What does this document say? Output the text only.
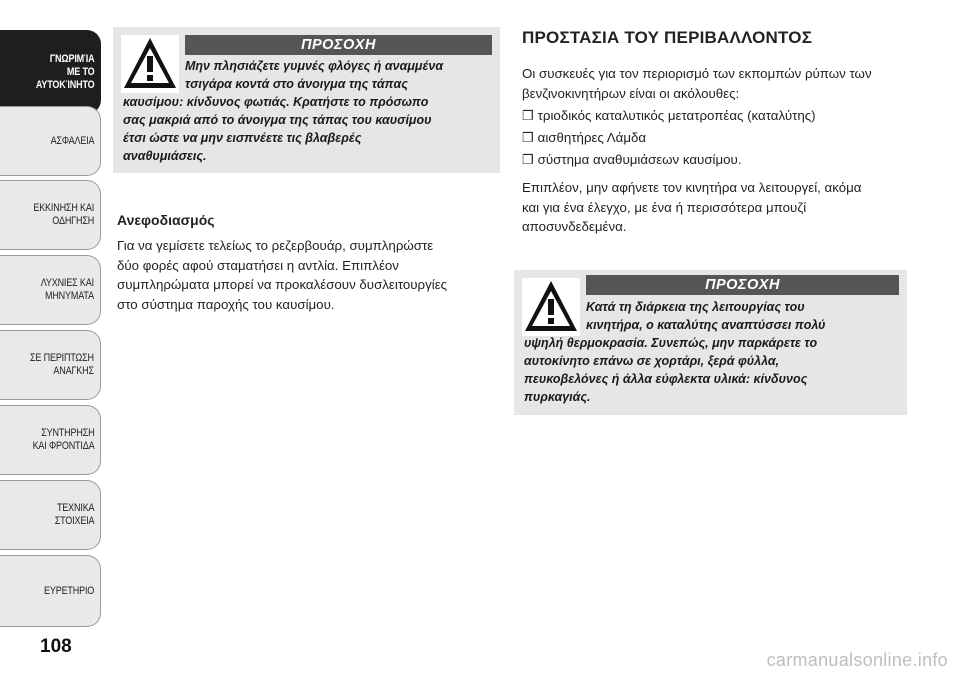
ΓΝΩΡΙΜΊΑ
ΜΕ ΤΟ
ΑΥΤΟΚΊΝΗΤΟ
ΑΣΦΑΛΕΙΑ
ΕΚΚΙΝΗΣΗ ΚΑΙ
ΟΔΗΓΗΣΗ
ΛΥΧΝΙΕΣ ΚΑΙ
ΜΗΝΥΜΑΤΑ
ΣΕ ΠΕΡΙΠΤΩΣΗ
ΑΝΑΓΚΗΣ
ΣΥΝΤΗΡΗΣΗ
ΚΑΙ ΦΡΟΝΤΙΔΑ
ΤΕΧΝΙΚΑ
ΣΤΟΙΧΕΙΑ
ΕΥΡΕΤΗΡΙΟ
108
carmanualsonline.info
ΠΡΟΣΟΧΗ
Μην πλησιάζετε γυμνές φλόγες ή αναμμένα
τσιγάρα κοντά στο άνοιγμα της τάπας
καυσίμου: κίνδυνος φωτιάς. Κρατήστε το πρόσωπο
σας μακριά από το άνοιγμα της τάπας του καυσίμου
έτσι ώστε να μην εισπνέετε τις βλαβερές
αναθυμιάσεις.
Ανεφοδιασμός
Για να γεμίσετε τελείως το ρεζερβουάρ, συμπληρώστε
δύο φορές αφού σταματήσει η αντλία. Επιπλέον
συμπληρώματα μπορεί να προκαλέσουν δυσλειτουργίες
στο σύστημα παροχής του καυσίμου.
ΠΡΟΣΤΑΣΙΑ ΤΟΥ ΠΕΡΙΒΑΛΛΟΝΤΟΣ
Οι συσκευές για τον περιορισμό των εκπομπών ρύπων των
βενζινοκινητήρων είναι οι ακόλουθες:
❒ τριοδικός καταλυτικός μετατροπέας (καταλύτης)
❒ αισθητήρες Λάμδα
❒ σύστημα αναθυμιάσεων καυσίμου.
Επιπλέον, μην αφήνετε τον κινητήρα να λειτουργεί, ακόμα
και για ένα έλεγχο, με ένα ή περισσότερα μπουζί
αποσυνδεδεμένα.
ΠΡΟΣΟΧΗ
Κατά τη διάρκεια της λειτουργίας του
κινητήρα, ο καταλύτης αναπτύσσει πολύ
υψηλή θερμοκρασία. Συνεπώς, μην παρκάρετε το
αυτοκίνητο επάνω σε χορτάρι, ξερά φύλλα,
πευκοβελόνες ή άλλα εύφλεκτα υλικά: κίνδυνος
πυρκαγιάς.
